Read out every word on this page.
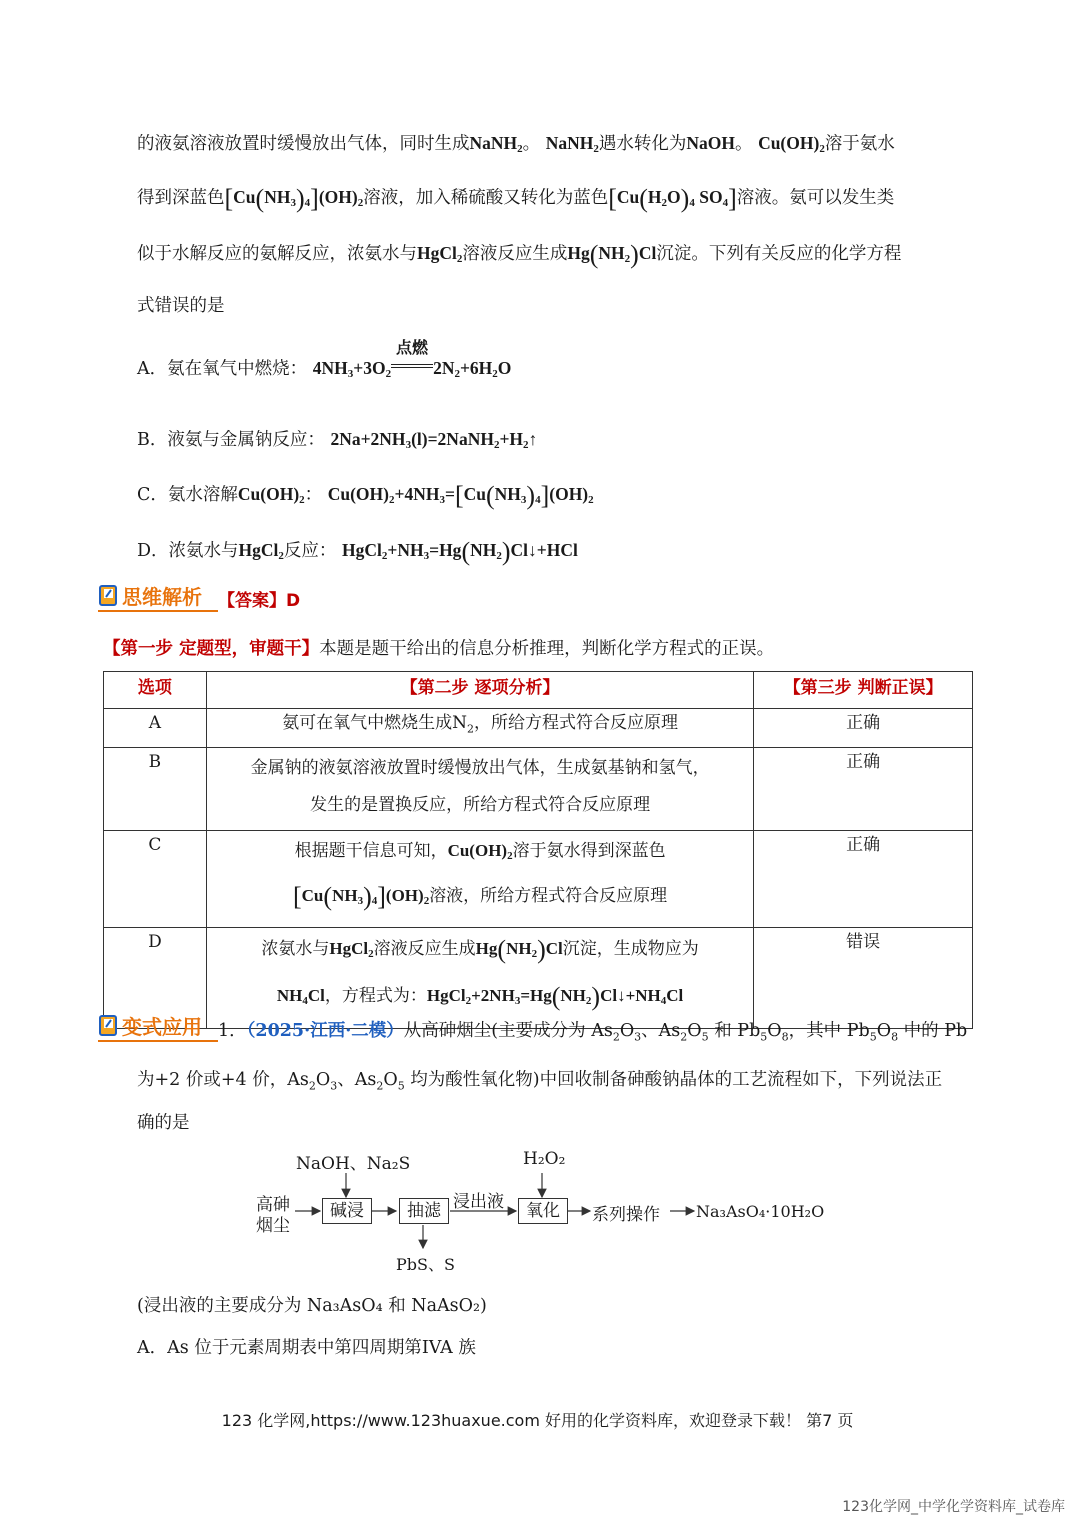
的液氨溶液放置时缓慢放出气体，同时生成NaNH$_2$。 NaNH$_2$遇水转化为NaOH。 $Cu(OH)_2$溶于氨水
得到深蓝色$[Cu(NH_3)_4](OH)_2$溶液，加入稀硫酸又转化为蓝色[$Cu(H_2O)_4$ $SO_4$]溶液。氨可以发生类
似于水解反应的氨解反应，浓氨水与HgCl$_2$溶液反应生成$Hg(NH_2)Cl$沉淀。下列有关反应的化学方程
式错误的是
A．氨在氧气中燃烧： $4NH_3+3O_2$
点燃
$2N_2+6H_2O$
B．液氨与金属钠反应： $2Na+2NH_3(l)=2NaNH_2+H_2↑$
C．氨水溶解$Cu(OH)_2$： $Cu(OH)_2+4NH_3=[Cu(NH_3)_4](OH)_2$
D．浓氨水与HgCl$_2$反应： $HgCl_2+NH_3=Hg(NH_2)Cl↓+HCl$
思维解析 【答案】D
【第一步 定题型，审题干】本题是题干给出的信息分析推理，判断化学方程式的正误。
选项	【第二步 逐项分析】	【第三步 判断正误】
A	氨可在氧气中燃烧生成$N_2$，所给方程式符合反应原理	正确
B	金属钠的液氨溶液放置时缓慢放出气体，生成氨基钠和氢气，
发生的是置换反应，所给方程式符合反应原理	正确
C	根据题干信息可知，$Cu(OH)_2$溶于氨水得到深蓝色
$[Cu(NH_3)_4](OH)_2$溶液，所给方程式符合反应原理	正确
D	浓氨水与HgCl$_2$溶液反应生成$Hg(NH_2)Cl$沉淀，生成物应为
$NH_4Cl$，方程式为：$HgCl_2+2NH_3=Hg(NH_2)Cl↓+NH_4Cl$	错误
变式应用 1．（2025·江西·二模）从高砷烟尘(主要成分为 $As_2O_3$、$As_2O_5$ 和 $Pb_5O_8$，其中 $Pb_5O_8$ 中的 Pb
为+2 价或+4 价，$As_2O_3$、$As_2O_5$ 均为酸性氧化物)中回收制备砷酸钠晶体的工艺流程如下，下列说法正
确的是
NaOH、Na₂S	H₂O₂
高砷
烟尘
碱浸	抽滤 浸出液	氧化	系列操作 Na₃AsO₄·10H₂O
PbS、S
(浸出液的主要成分为 Na₃AsO₄ 和 NaAsO₂)
A．As 位于元素周期表中第四周期第IVA 族
123 化学网,https://www.123huaxue.com 好用的化学资料库，欢迎登录下载！ 第7 页
123化学网_中学化学资料库_试卷库
